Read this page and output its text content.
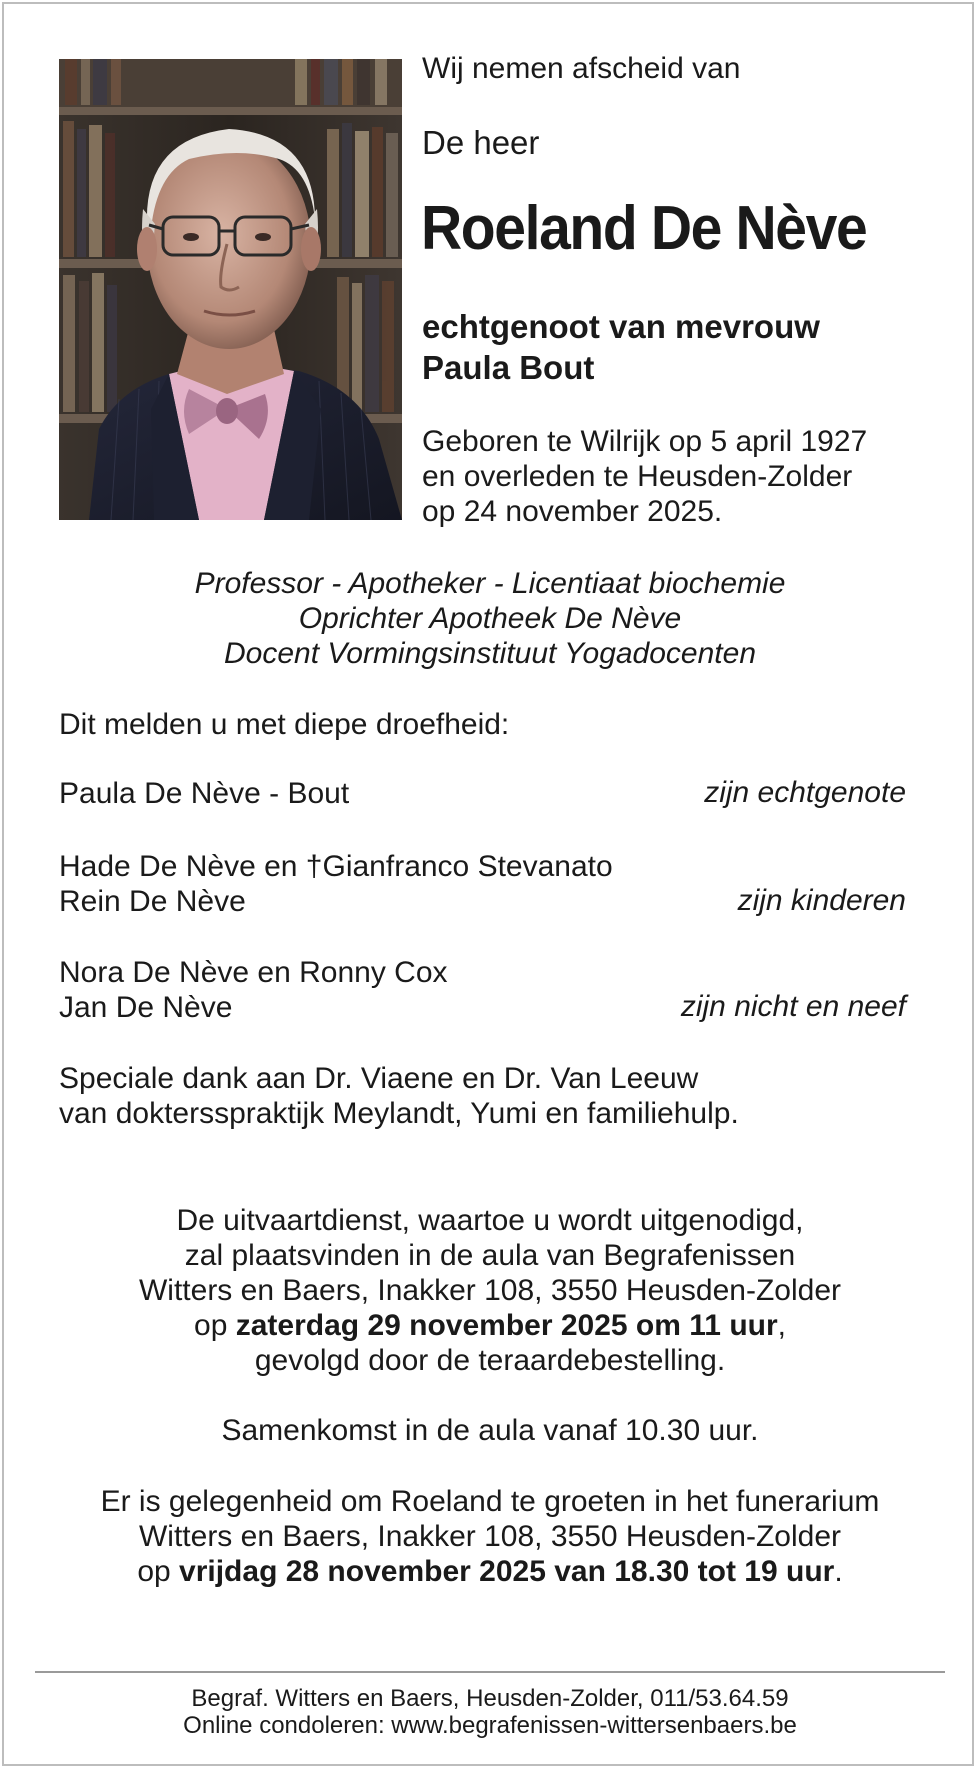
Wij nemen afscheid van

De heer

Roeland De Nève
echtgenoot van mevrouw
Paula Bout
Geboren te Wilrijk op 5 april 1927
en overleden te Heusden-Zolder
op 24 november 2025.
Professor - Apotheker - Licentiaat biochemie
Oprichter Apotheek De Nève
Docent Vormingsinstituut Yogadocenten

Dit melden u met diepe droefheid:

Paula De Nève - Bout	zijn echtgenote
Hade De Nève en †Gianfranco Stevanato
Rein De Nève	zijn kinderen
Nora De Nève en Ronny Cox
Jan De Nève	zijn nicht en neef
Speciale dank aan Dr. Viaene en Dr. Van Leeuw
van doktersspraktijk Meylandt, Yumi en familiehulp.
De uitvaartdienst, waartoe u wordt uitgenodigd,
zal plaatsvinden in de aula van Begrafenissen
Witters en Baers, Inakker 108, 3550 Heusden-Zolder
op zaterdag 29 november 2025 om 11 uur,
gevolgd door de teraardebestelling.
Samenkomst in de aula vanaf 10.30 uur.
Er is gelegenheid om Roeland te groeten in het funerarium
Witters en Baers, Inakker 108, 3550 Heusden-Zolder
op vrijdag 28 november 2025 van 18.30 tot 19 uur.
Begraf. Witters en Baers, Heusden-Zolder, 011/53.64.59
Online condoleren: www.begrafenissen-wittersenbaers.be
